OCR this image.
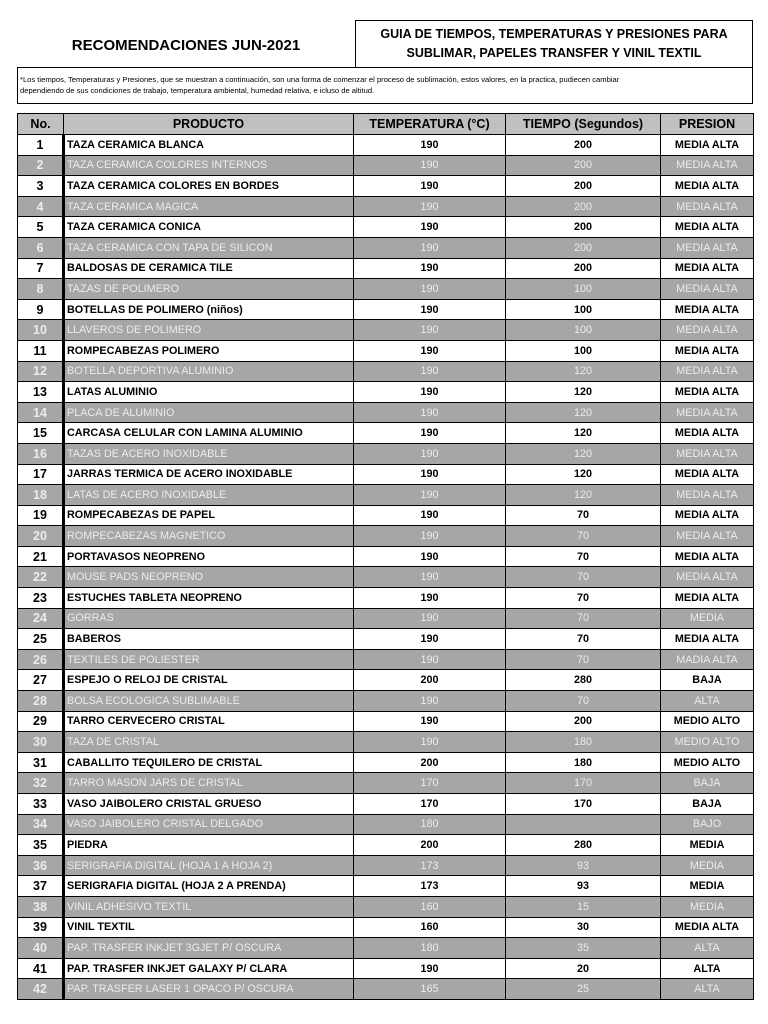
RECOMENDACIONES JUN-2021
GUIA DE TIEMPOS, TEMPERATURAS Y PRESIONES PARA
SUBLIMAR, PAPELES TRANSFER Y VINIL TEXTIL
*Los tiempos, Temperaturas y Presiones, que se muestran a continuación, son una forma de comenzar el proceso de sublimación, estos valores, en la practica, pudiecen cambiar
dependiendo de sus condiciones de trabajo, temperatura ambiental, humedad relativa, e icluso de altitud.
No.	PRODUCTO	TEMPERATURA (°C)	TIEMPO (Segundos)	PRESION
1	TAZA CERAMICA BLANCA	190	200	MEDIA ALTA
2	TAZA CERAMICA COLORES INTERNOS	190	200	MEDIA ALTA
3	TAZA CERAMICA COLORES EN BORDES	190	200	MEDIA ALTA
4	TAZA CERAMICA MAGICA	190	200	MEDIA ALTA
5	TAZA CERAMICA CONICA	190	200	MEDIA ALTA
6	TAZA CERAMICA CON TAPA DE SILICON	190	200	MEDIA ALTA
7	BALDOSAS DE CERAMICA TILE	190	200	MEDIA ALTA
8	TAZAS DE POLIMERO	190	100	MEDIA ALTA
9	BOTELLAS DE POLIMERO (niños)	190	100	MEDIA ALTA
10	LLAVEROS DE POLIMERO	190	100	MEDIA ALTA
11	ROMPECABEZAS POLIMERO	190	100	MEDIA ALTA
12	BOTELLA DEPORTIVA ALUMINIO	190	120	MEDIA ALTA
13	LATAS ALUMINIO	190	120	MEDIA ALTA
14	PLACA DE ALUMINIO	190	120	MEDIA ALTA
15	CARCASA CELULAR CON LAMINA ALUMINIO	190	120	MEDIA ALTA
16	TAZAS DE ACERO INOXIDABLE	190	120	MEDIA ALTA
17	JARRAS TERMICA DE ACERO INOXIDABLE	190	120	MEDIA ALTA
18	LATAS DE ACERO INOXIDABLE	190	120	MEDIA ALTA
19	ROMPECABEZAS DE PAPEL	190	70	MEDIA ALTA
20	ROMPECABEZAS MAGNETICO	190	70	MEDIA ALTA
21	PORTAVASOS NEOPRENO	190	70	MEDIA ALTA
22	MOUSE PADS NEOPRENO	190	70	MEDIA ALTA
23	ESTUCHES TABLETA NEOPRENO	190	70	MEDIA ALTA
24	GORRAS	190	70	MEDIA
25	BABEROS	190	70	MEDIA ALTA
26	TEXTILES DE POLIESTER	190	70	MADIA ALTA
27	ESPEJO O RELOJ DE CRISTAL	200	280	BAJA
28	BOLSA ECOLOGICA SUBLIMABLE	190	70	ALTA
29	TARRO CERVECERO CRISTAL	190	200	MEDIO ALTO
30	TAZA DE CRISTAL	190	180	MEDIO ALTO
31	CABALLITO TEQUILERO DE CRISTAL	200	180	MEDIO ALTO
32	TARRO MASON JARS DE CRISTAL	170	170	BAJA
33	VASO JAIBOLERO CRISTAL GRUESO	170	170	BAJA
34	VASO JAIBOLERO CRISTAL DELGADO	180		BAJO
35	PIEDRA	200	280	MEDIA
36	SERIGRAFIA DIGITAL (HOJA 1 A HOJA 2)	173	93	MEDIA
37	SERIGRAFIA DIGITAL (HOJA 2 A PRENDA)	173	93	MEDIA
38	VINIL ADHESIVO TEXTIL	160	15	MEDIA
39	VINIL TEXTIL	160	30	MEDIA ALTA
40	PAP. TRASFER INKJET 3GJET P/ OSCURA	180	35	ALTA
41	PAP. TRASFER INKJET GALAXY P/ CLARA	190	20	ALTA
42	PAP. TRASFER LASER 1 OPACO P/ OSCURA	165	25	ALTA
